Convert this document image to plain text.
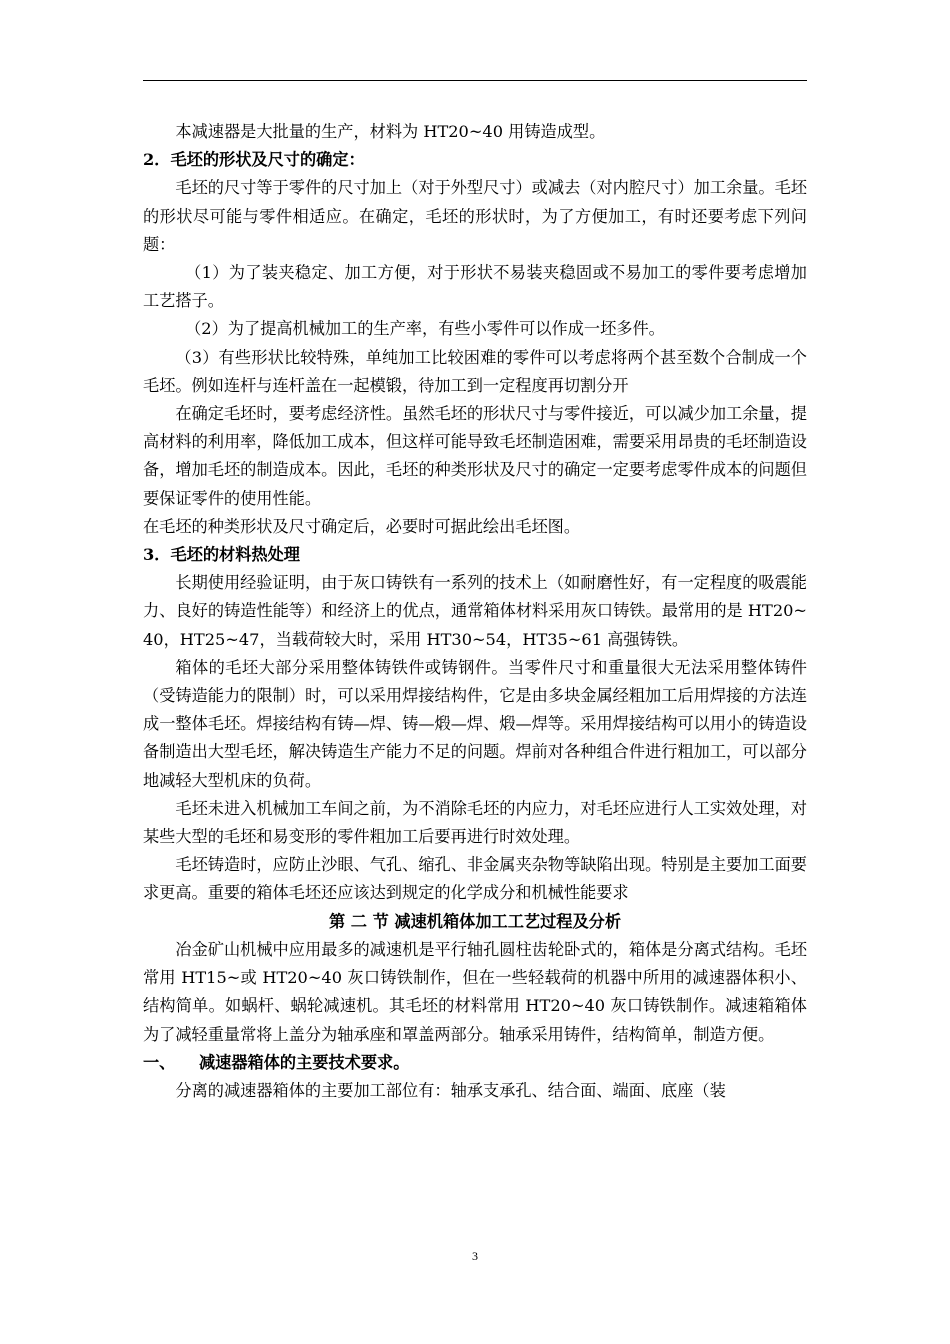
本减速器是大批量的生产，材料为 HT20~40 用铸造成型。

2．毛坯的形状及尺寸的确定：

毛坯的尺寸等于零件的尺寸加上（对于外型尺寸）或减去（对内腔尺寸）加工余量。毛坯的形状尽可能与零件相适应。在确定，毛坯的形状时，为了方便加工，有时还要考虑下列问题：

（1）为了装夹稳定、加工方便，对于形状不易装夹稳固或不易加工的零件要考虑增加工艺搭子。

（2）为了提高机械加工的生产率，有些小零件可以作成一坯多件。

（3）有些形状比较特殊，单纯加工比较困难的零件可以考虑将两个甚至数个合制成一个毛坯。例如连杆与连杆盖在一起模锻，待加工到一定程度再切割分开

在确定毛坯时，要考虑经济性。虽然毛坯的形状尺寸与零件接近，可以减少加工余量，提高材料的利用率，降低加工成本，但这样可能导致毛坯制造困难，需要采用昂贵的毛坯制造设备，增加毛坯的制造成本。因此，毛坯的种类形状及尺寸的确定一定要考虑零件成本的问题但要保证零件的使用性能。

在毛坯的种类形状及尺寸确定后，必要时可据此绘出毛坯图。

3．毛坯的材料热处理

长期使用经验证明，由于灰口铸铁有一系列的技术上（如耐磨性好，有一定程度的吸震能力、良好的铸造性能等）和经济上的优点，通常箱体材料采用灰口铸铁。最常用的是 HT20~40，HT25~47，当载荷较大时，采用 HT30~54，HT35~61 高强铸铁。

箱体的毛坯大部分采用整体铸铁件或铸钢件。当零件尺寸和重量很大无法采用整体铸件（受铸造能力的限制）时，可以采用焊接结构件，它是由多块金属经粗加工后用焊接的方法连成一整体毛坯。焊接结构有铸—焊、铸—煅—焊、煅—焊等。采用焊接结构可以用小的铸造设备制造出大型毛坯，解决铸造生产能力不足的问题。焊前对各种组合件进行粗加工，可以部分地减轻大型机床的负荷。

毛坯未进入机械加工车间之前，为不消除毛坯的内应力，对毛坯应进行人工实效处理，对某些大型的毛坯和易变形的零件粗加工后要再进行时效处理。

毛坯铸造时，应防止沙眼、气孔、缩孔、非金属夹杂物等缺陷出现。特别是主要加工面要求更高。重要的箱体毛坯还应该达到规定的化学成分和机械性能要求

第 二 节 减速机箱体加工工艺过程及分析

冶金矿山机械中应用最多的减速机是平行轴孔圆柱齿轮卧式的，箱体是分离式结构。毛坯常用 HT15~或 HT20~40 灰口铸铁制作，但在一些轻载荷的机器中所用的减速器体积小、结构简单。如蜗杆、蜗轮减速机。其毛坯的材料常用 HT20~40 灰口铸铁制作。减速箱箱体为了减轻重量常将上盖分为轴承座和罩盖两部分。轴承采用铸件，结构简单，制造方便。

一、 减速器箱体的主要技术要求。

分离的减速器箱体的主要加工部位有：轴承支承孔、结合面、端面、底座（装

3
